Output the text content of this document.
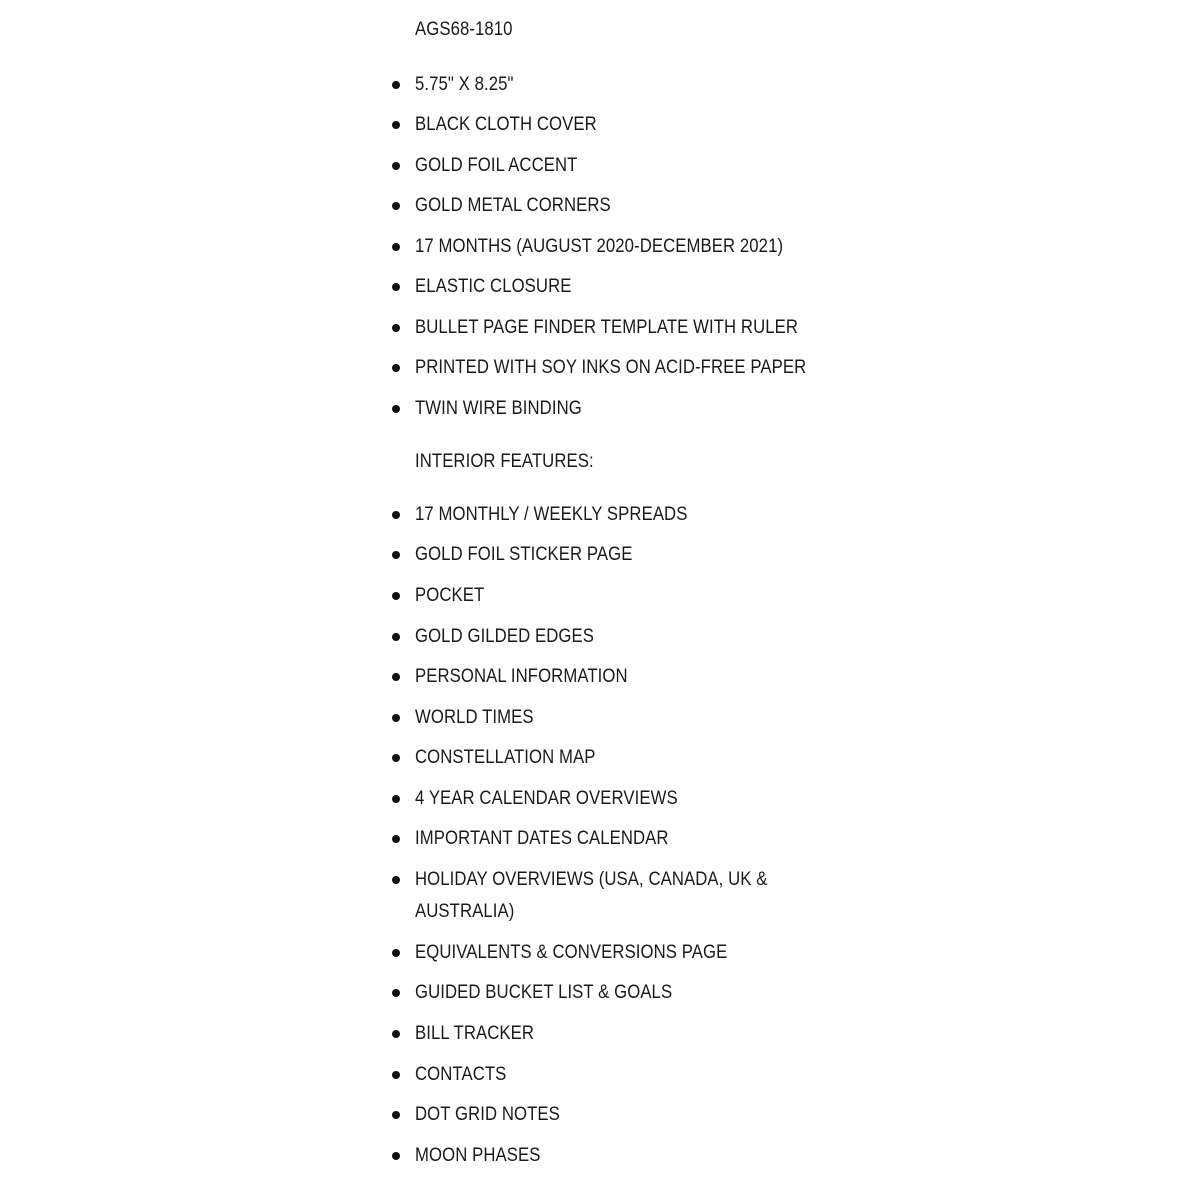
AGS68-1810
5.75" X 8.25"
BLACK CLOTH COVER
GOLD FOIL ACCENT
GOLD METAL CORNERS
17 MONTHS (AUGUST 2020-DECEMBER 2021)
ELASTIC CLOSURE
BULLET PAGE FINDER TEMPLATE WITH RULER
PRINTED WITH SOY INKS ON ACID-FREE PAPER
TWIN WIRE BINDING
INTERIOR FEATURES:
17 MONTHLY / WEEKLY SPREADS
GOLD FOIL STICKER PAGE
POCKET
GOLD GILDED EDGES
PERSONAL INFORMATION
WORLD TIMES
CONSTELLATION MAP
4 YEAR CALENDAR OVERVIEWS
IMPORTANT DATES CALENDAR
HOLIDAY OVERVIEWS (USA, CANADA, UK &
AUSTRALIA)
EQUIVALENTS & CONVERSIONS PAGE
GUIDED BUCKET LIST & GOALS
BILL TRACKER
CONTACTS
DOT GRID NOTES
MOON PHASES
